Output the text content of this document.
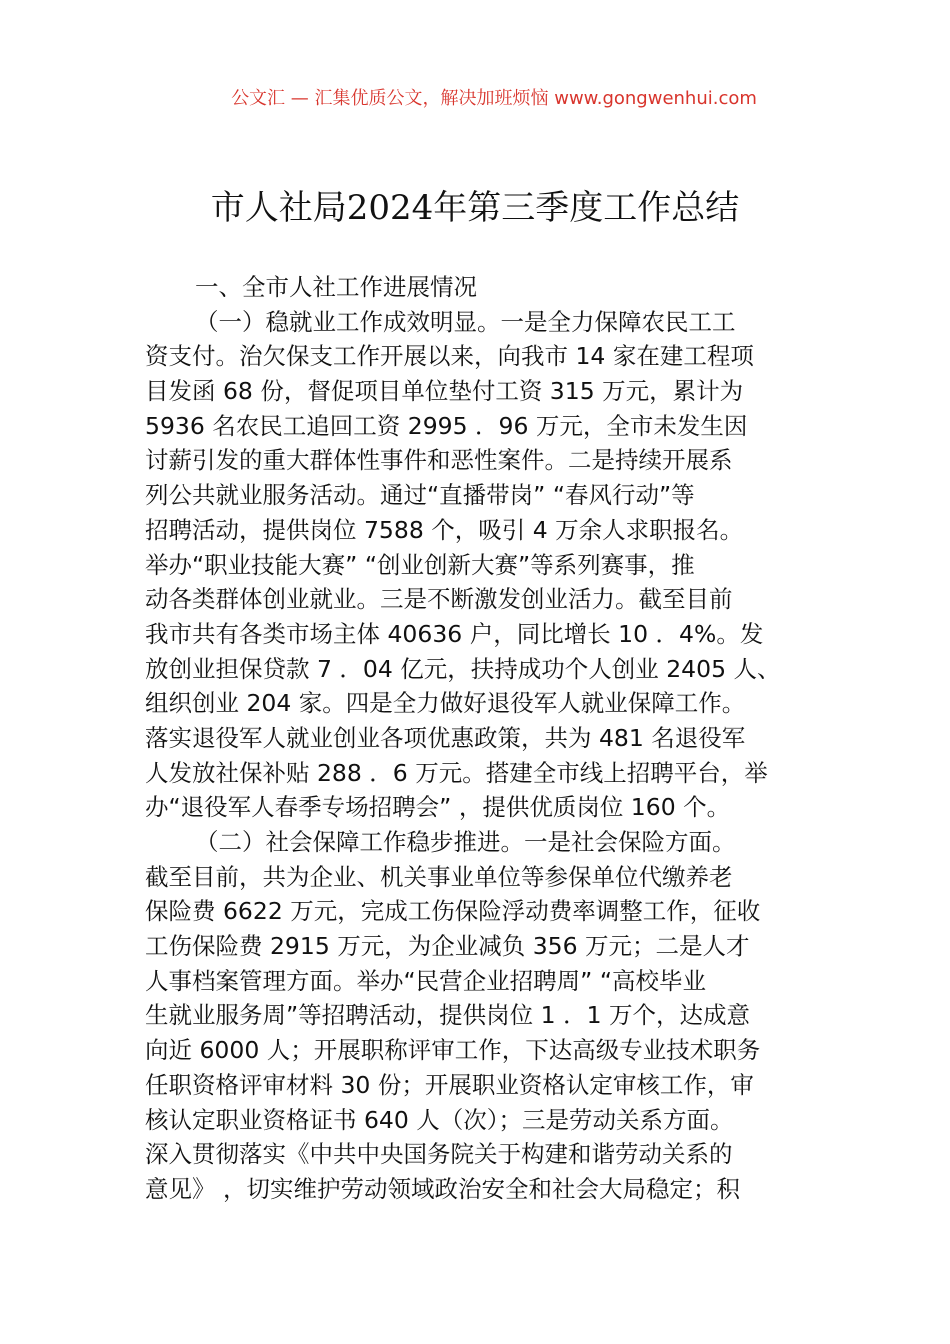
公文汇 — 汇集优质公文，解决加班烦恼 www.gongwenhui.com
市人社局2024年第三季度工作总结
一、全市人社工作进展情况
（一）稳就业工作成效明显。一是全力保障农民工工
资支付。治欠保支工作开展以来，向我市 14 家在建工程项
目发函 68 份，督促项目单位垫付工资 315 万元，累计为
5936 名农民工追回工资 2995 ．96 万元，全市未发生因
讨薪引发的重大群体性事件和恶性案件。二是持续开展系
列公共就业服务活动。通过“直播带岗” “春风行动”等
招聘活动，提供岗位 7588 个，吸引 4 万余人求职报名。
举办“职业技能大赛” “创业创新大赛”等系列赛事，推
动各类群体创业就业。三是不断激发创业活力。截至目前
我市共有各类市场主体 40636 户，同比增长 10 ．4%。发
放创业担保贷款 7 ．04 亿元，扶持成功个人创业 2405 人、
组织创业 204 家。四是全力做好退役军人就业保障工作。
落实退役军人就业创业各项优惠政策，共为 481 名退役军
人发放社保补贴 288 ．6 万元。搭建全市线上招聘平台，举
办“退役军人春季专场招聘会” ，提供优质岗位 160 个。
（二）社会保障工作稳步推进。一是社会保险方面。
截至目前，共为企业、机关事业单位等参保单位代缴养老
保险费 6622 万元，完成工伤保险浮动费率调整工作，征收
工伤保险费 2915 万元，为企业减负 356 万元；二是人才
人事档案管理方面。举办“民营企业招聘周” “高校毕业
生就业服务周”等招聘活动，提供岗位 1 ．1 万个，达成意
向近 6000 人；开展职称评审工作，下达高级专业技术职务
任职资格评审材料 30 份；开展职业资格认定审核工作，审
核认定职业资格证书 640 人（次）；三是劳动关系方面。
深入贯彻落实《中共中央国务院关于构建和谐劳动关系的
意见》 ，切实维护劳动领域政治安全和社会大局稳定；积
